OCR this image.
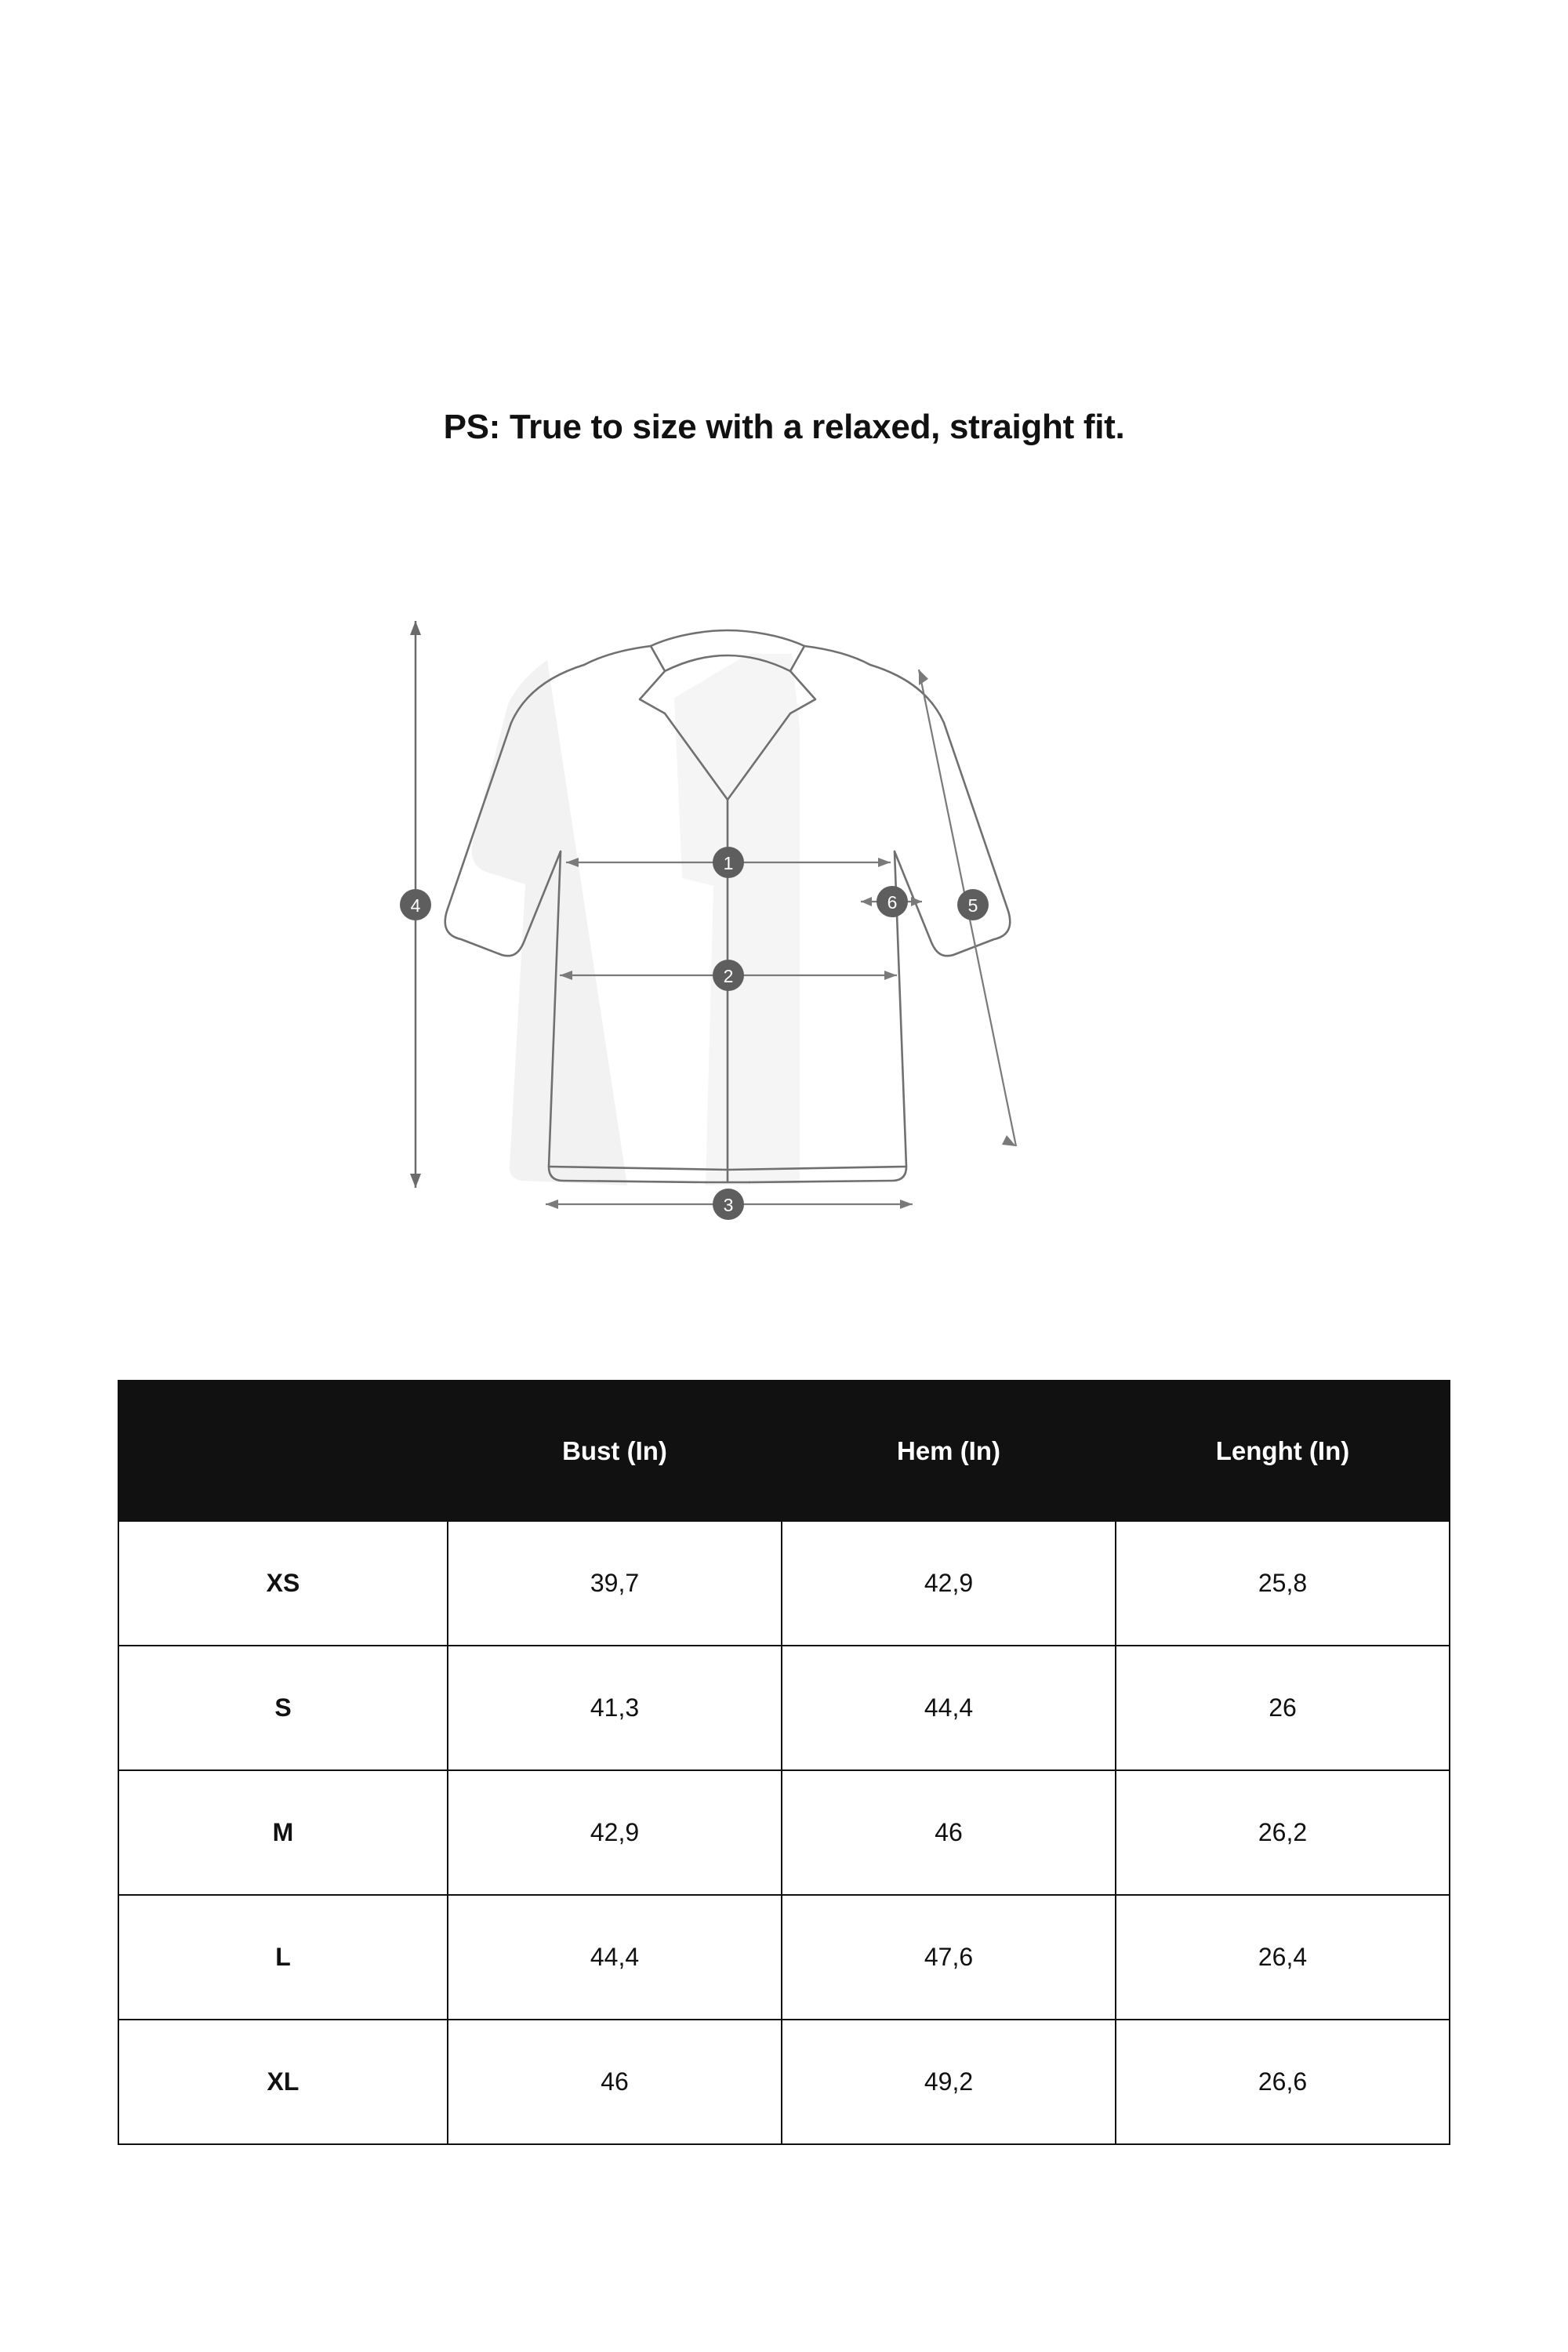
PS: True to size with a relaxed, straight fit.
1
2
3
4	5
6
	Bust (In)	Hem (In)	Lenght (In)
XS	39,7	42,9	25,8
S	41,3	44,4	26
M	42,9	46	26,2
L	44,4	47,6	26,4
XL	46	49,2	26,6
